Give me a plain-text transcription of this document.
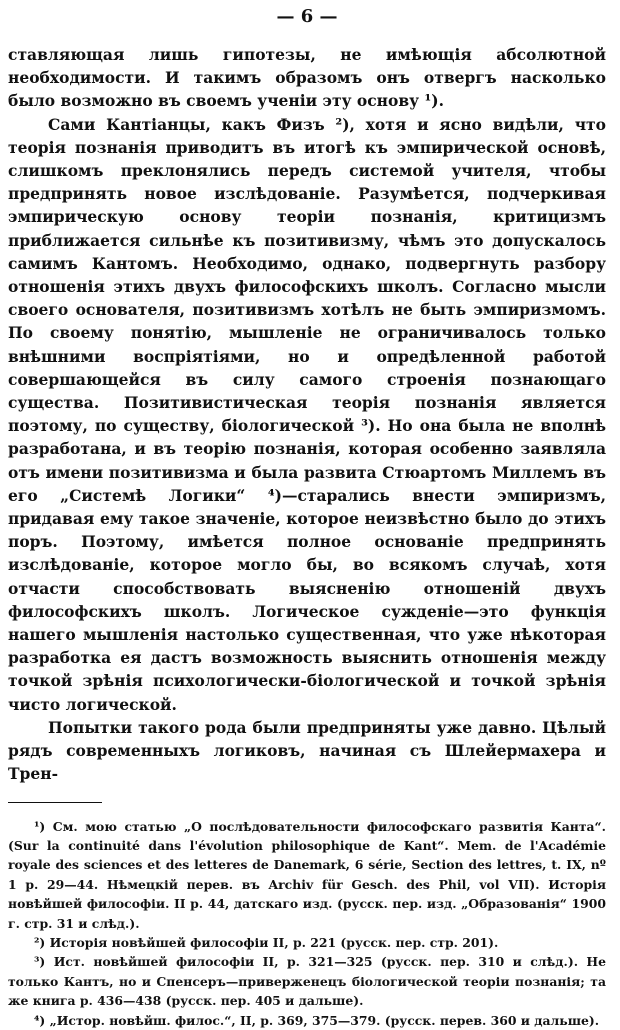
— 6 —

ставляющая лишь гипотезы, не имѣющія абсолютной необходимости. И такимъ образомъ онъ отвергъ насколько было возможно въ своемъ ученіи эту основу ¹).

Сами Кантіанцы, какъ Физъ ²), хотя и ясно видѣли, что теорія познанія приводитъ въ итогѣ къ эмпирической основѣ, слишкомъ преклонялись передъ системой учителя, чтобы предпринять новое изслѣдованіе. Разумѣется, подчеркивая эмпирическую основу теоріи познанія, критицизмъ приближается сильнѣе къ позитивизму, чѣмъ это допускалось самимъ Кантомъ. Необходимо, однако, подвергнуть разбору отношенія этихъ двухъ философскихъ школъ. Согласно мысли своего основателя, позитивизмъ хотѣлъ не быть эмпиризмомъ. По своему понятію, мышленіе не ограничивалось только внѣшними воспріятіями, но и опредѣленной работой совершающейся въ силу самого строенія познающаго существа. Позитивистическая теорія познанія является поэтому, по существу, біологической ³). Но она была не вполнѣ разработана, и въ теорію познанія, которая особенно заявляла отъ имени позитивизма и была развита Стюартомъ Миллемъ въ его „Системѣ Логики“ ⁴)—старались внести эмпиризмъ, придавая ему такое значеніе, которое неизвѣстно было до этихъ поръ. Поэтому, имѣется полное основаніе предпринять изслѣдованіе, которое могло бы, во всякомъ случаѣ, хотя отчасти способствовать выясненію отношеній двухъ философскихъ школъ. Логическое сужденіе—это функція нашего мышленія настолько существенная, что уже нѣкоторая разработка ея дастъ возможность выяснить отношенія между точкой зрѣнія психологически-біологической и точкой зрѣнія чисто логической.

Попытки такого рода были предприняты уже давно. Цѣлый рядъ современныхъ логиковъ, начиная съ Шлейермахера и Трен-

¹) См. мою статью „О послѣдовательности философскаго развитія Канта“. (Sur la continuité dans l'évolution philosophique de Kant“. Mem. de l'Académie royale des sciences et des letteres de Danemark, 6 série, Section des lettres, t. IX, nº 1 p. 29—44. Нѣмецкій перев. въ Archiv für Gesch. des Phil, vol VII). Исторія новѣйшей философіи. II р. 44, датскаго изд. (русск. пер. изд. „Образованія“ 1900 г. стр. 31 и слѣд.).

²) Исторія новѣйшей философіи II, р. 221 (русск. пер. стр. 201).

³) Ист. новѣйшей философіи II, р. 321—325 (русск. пер. 310 и слѣд.). Не только Кантъ, но и Спенсеръ—приверженецъ біологической теоріи познанія; та же книга р. 436—438 (русск. пер. 405 и дальше).

⁴) „Истор. новѣйш. филос.“, II, р. 369, 375—379. (русск. перев. 360 и дальше).
